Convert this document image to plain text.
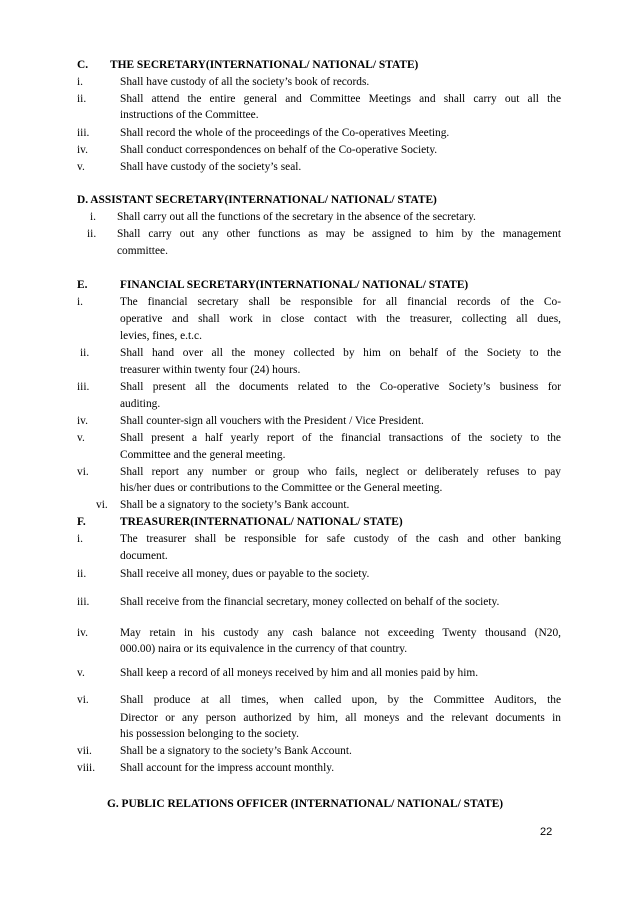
C. THE SECRETARY(INTERNATIONAL/ NATIONAL/ STATE)
i.	Shall have custody of all the society’s book of records.
ii.	Shall attend the entire general and Committee Meetings and shall carry out all the
instructions of the Committee.
iii.	Shall record the whole of the proceedings of the Co-operatives Meeting.
iv.	Shall conduct correspondences on behalf of the Co-operative Society.
v.	Shall have custody of the society’s seal.
D. ASSISTANT SECRETARY(INTERNATIONAL/ NATIONAL/ STATE)
i. Shall carry out all the functions of the secretary in the absence of the secretary.
ii. Shall carry out any other functions as may be assigned to him by the management
committee.
E.	FINANCIAL SECRETARY(INTERNATIONAL/ NATIONAL/ STATE)
i.	The financial secretary shall be responsible for all financial records of the Co-
operative and shall work in close contact with the treasurer, collecting all dues,
levies, fines, e.t.c.
ii.	Shall hand over all the money collected by him on behalf of the Society to the
treasurer within twenty four (24) hours.
iii.	Shall present all the documents related to the Co-operative Society’s business for
auditing.
iv.	Shall counter-sign all vouchers with the President / Vice President.
v.	Shall present a half yearly report of the financial transactions of the society to the
Committee and the general meeting.
vi.	Shall report any number or group who fails, neglect or deliberately refuses to pay
his/her dues or contributions to the Committee or the General meeting.
vi. Shall be a signatory to the society’s Bank account.
F.	TREASURER(INTERNATIONAL/ NATIONAL/ STATE)
i.	The treasurer shall be responsible for safe custody of the cash and other banking
document.
ii.	Shall receive all money, dues or payable to the society.
iii.	Shall receive from the financial secretary, money collected on behalf of the society.
iv.	May retain in his custody any cash balance not exceeding Twenty thousand (N20,
000.00) naira or its equivalence in the currency of that country.
v.	Shall keep a record of all moneys received by him and all monies paid by him.
vi.	Shall produce at all times, when called upon, by the Committee Auditors, the
Director or any person authorized by him, all moneys and the relevant documents in
his possession belonging to the society.
vii. Shall be a signatory to the society’s Bank Account.
viii. Shall account for the impress account monthly.
G. PUBLIC RELATIONS OFFICER (INTERNATIONAL/ NATIONAL/ STATE)
22
